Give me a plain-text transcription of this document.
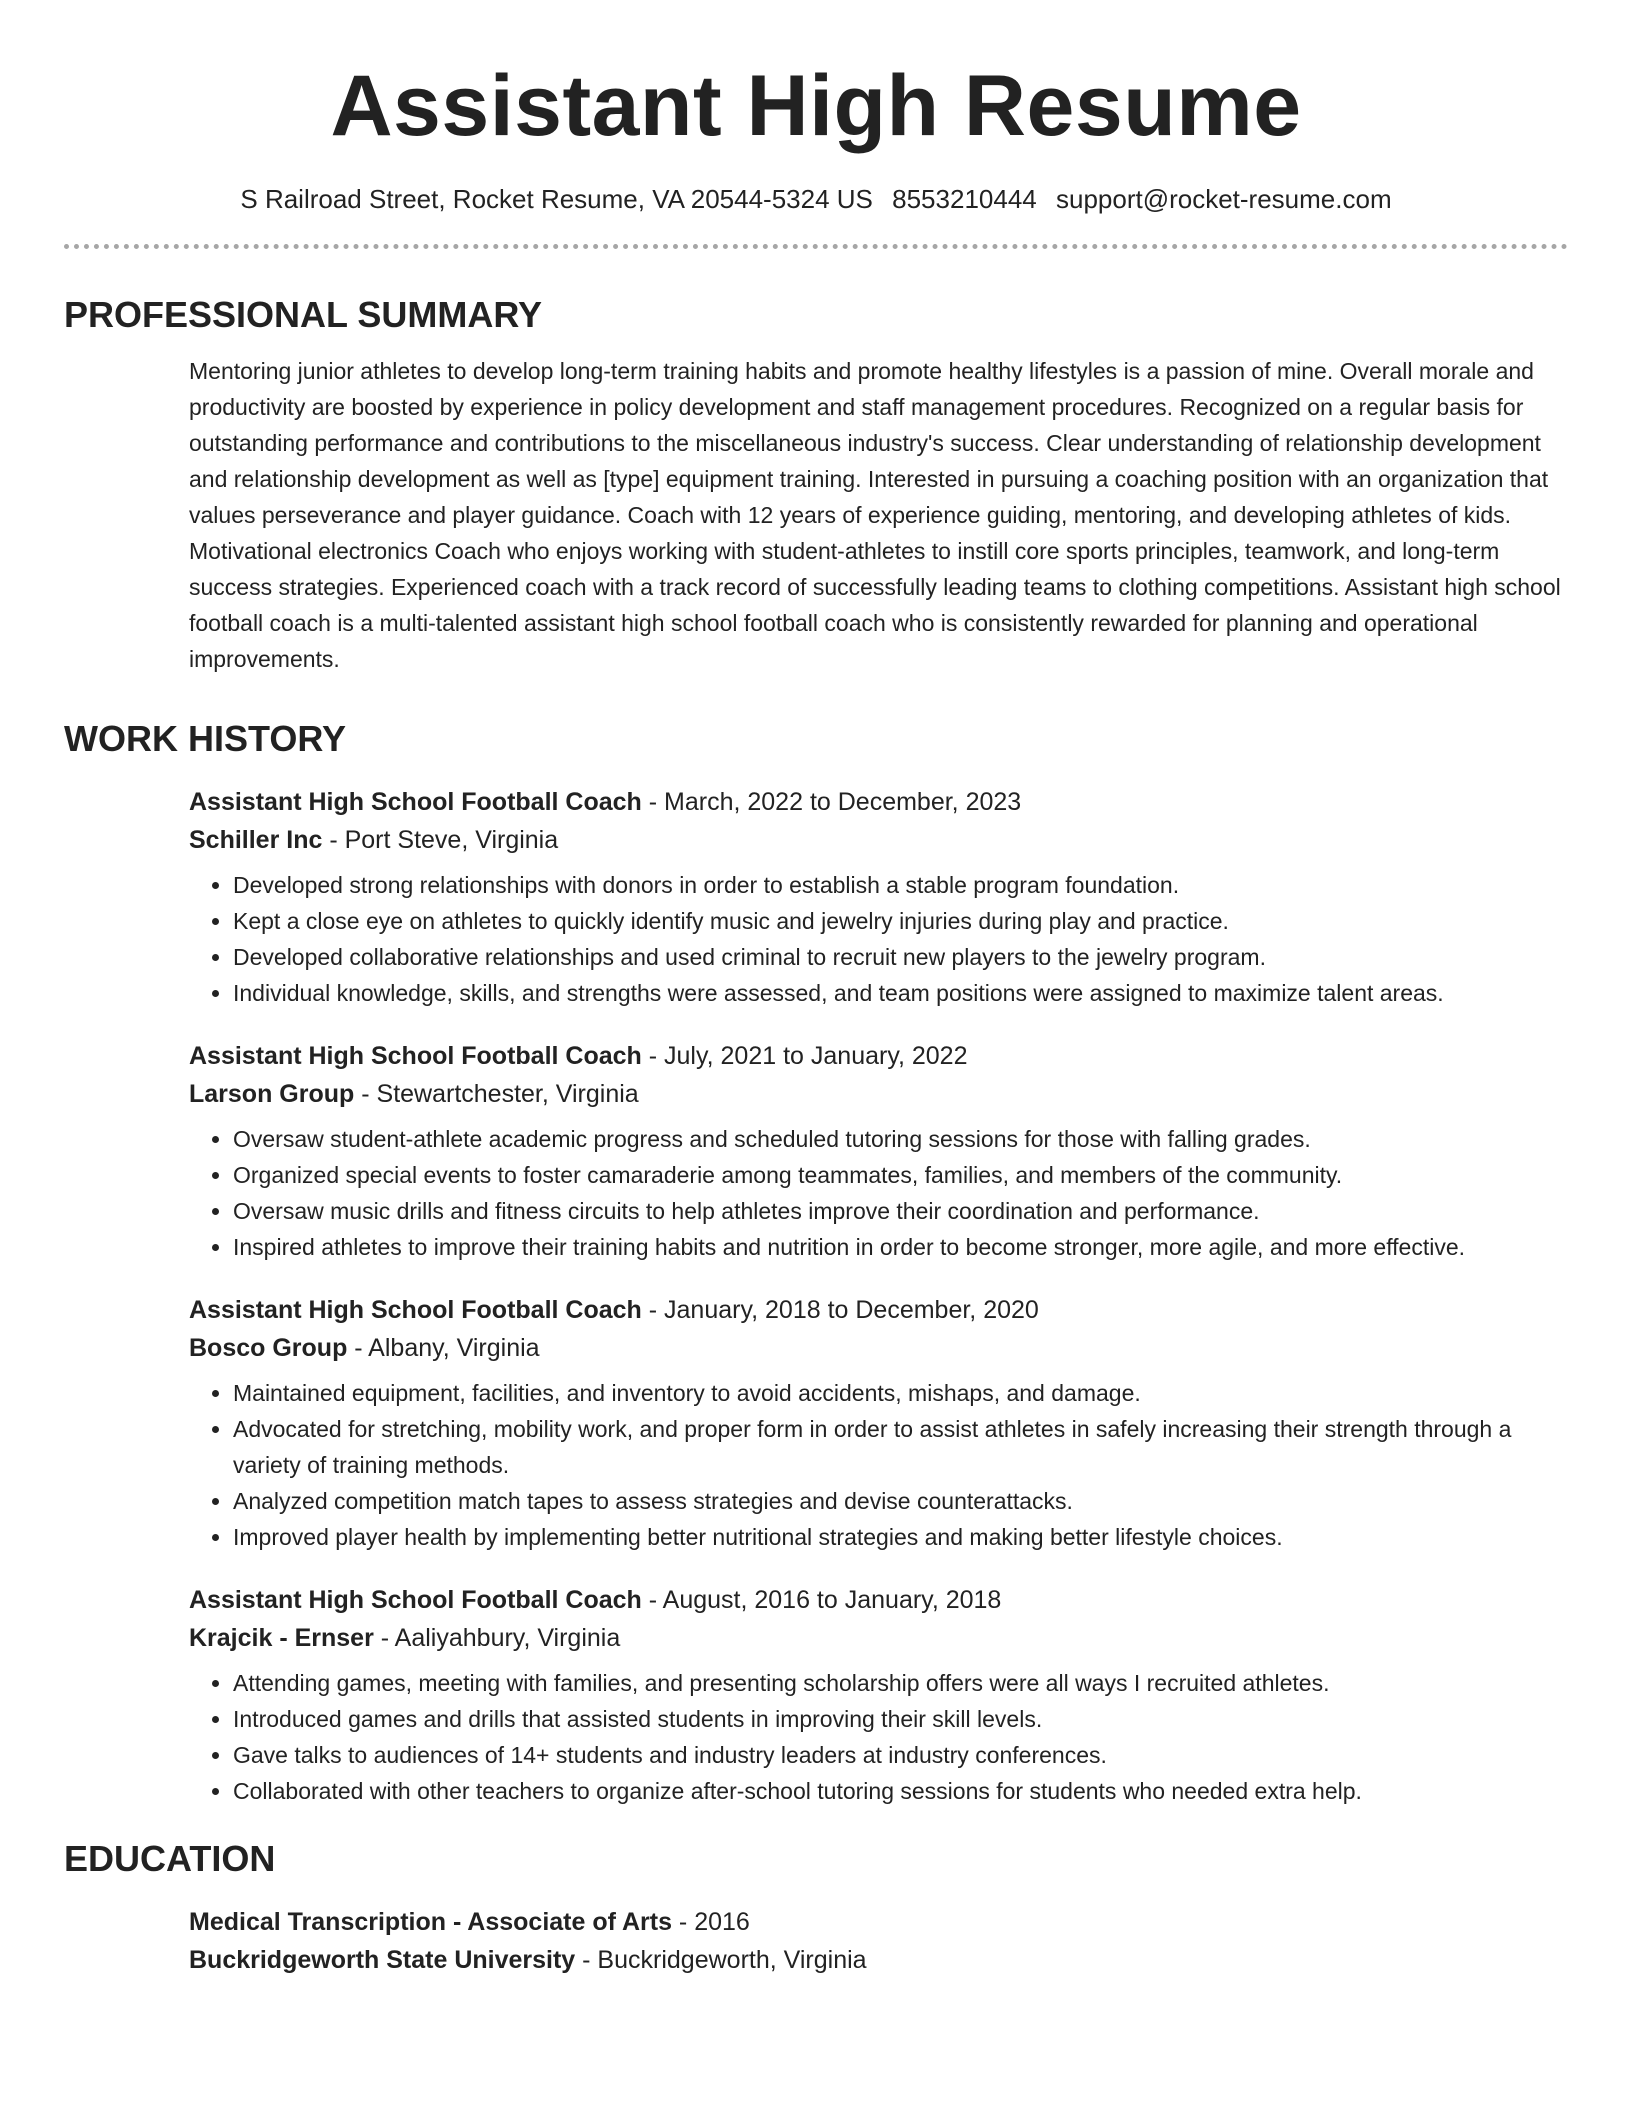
Assistant High Resume
S Railroad Street, Rocket Resume, VA 20544-5324 US 8553210444 support@rocket-resume.com
PROFESSIONAL SUMMARY

Mentoring junior athletes to develop long-term training habits and promote healthy lifestyles is a passion of mine. Overall morale and productivity are boosted by experience in policy development and staff management procedures. Recognized on a regular basis for outstanding performance and contributions to the miscellaneous industry's success. Clear understanding of relationship development and relationship development as well as [type] equipment training. Interested in pursuing a coaching position with an organization that values perseverance and player guidance. Coach with 12 years of experience guiding, mentoring, and developing athletes of kids. Motivational electronics Coach who enjoys working with student-athletes to instill core sports principles, teamwork, and long-term success strategies. Experienced coach with a track record of successfully leading teams to clothing competitions. Assistant high school football coach is a multi-talented assistant high school football coach who is consistently rewarded for planning and operational improvements.

WORK HISTORY

Assistant High School Football Coach - March, 2022 to December, 2023

Schiller Inc - Port Steve, Virginia

• Developed strong relationships with donors in order to establish a stable program foundation.
• Kept a close eye on athletes to quickly identify music and jewelry injuries during play and practice.
• Developed collaborative relationships and used criminal to recruit new players to the jewelry program.
• Individual knowledge, skills, and strengths were assessed, and team positions were assigned to maximize talent areas.

Assistant High School Football Coach - July, 2021 to January, 2022

Larson Group - Stewartchester, Virginia

• Oversaw student-athlete academic progress and scheduled tutoring sessions for those with falling grades.
• Organized special events to foster camaraderie among teammates, families, and members of the community.
• Oversaw music drills and fitness circuits to help athletes improve their coordination and performance.
• Inspired athletes to improve their training habits and nutrition in order to become stronger, more agile, and more effective.

Assistant High School Football Coach - January, 2018 to December, 2020

Bosco Group - Albany, Virginia

• Maintained equipment, facilities, and inventory to avoid accidents, mishaps, and damage.
• Advocated for stretching, mobility work, and proper form in order to assist athletes in safely increasing their strength through a variety of training methods.
• Analyzed competition match tapes to assess strategies and devise counterattacks.
• Improved player health by implementing better nutritional strategies and making better lifestyle choices.

Assistant High School Football Coach - August, 2016 to January, 2018

Krajcik - Ernser - Aaliyahbury, Virginia

• Attending games, meeting with families, and presenting scholarship offers were all ways I recruited athletes.
• Introduced games and drills that assisted students in improving their skill levels.
• Gave talks to audiences of 14+ students and industry leaders at industry conferences.
• Collaborated with other teachers to organize after-school tutoring sessions for students who needed extra help.
EDUCATION

Medical Transcription - Associate of Arts - 2016

Buckridgeworth State University - Buckridgeworth, Virginia
